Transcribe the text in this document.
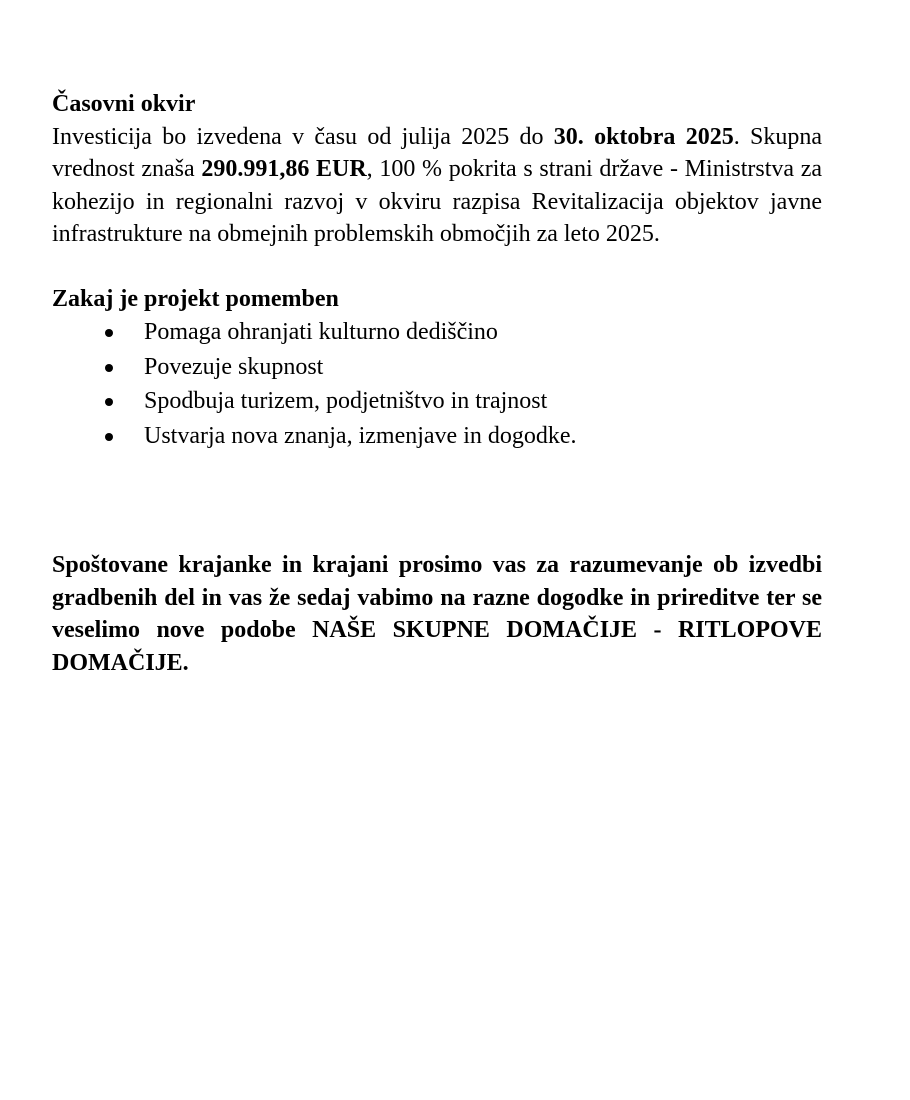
Časovni okvir

Investicija bo izvedena v času od julija 2025 do 30. oktobra 2025. Skupna vrednost znaša 290.991,86 EUR, 100 % pokrita s strani države - Ministrstva za kohezijo in regionalni razvoj v okviru razpisa Revitalizacija objektov javne infrastrukture na obmejnih problemskih območjih za leto 2025.

Zakaj je projekt pomemben

Pomaga ohranjati kulturno dediščino
Povezuje skupnost
Spodbuja turizem, podjetništvo in trajnost
Ustvarja nova znanja, izmenjave in dogodke.

Spoštovane krajanke in krajani prosimo vas za razumevanje ob izvedbi gradbenih del in vas že sedaj vabimo na razne dogodke in prireditve ter se veselimo nove podobe NAŠE SKUPNE DOMAČIJE - RITLOPOVE DOMAČIJE.
